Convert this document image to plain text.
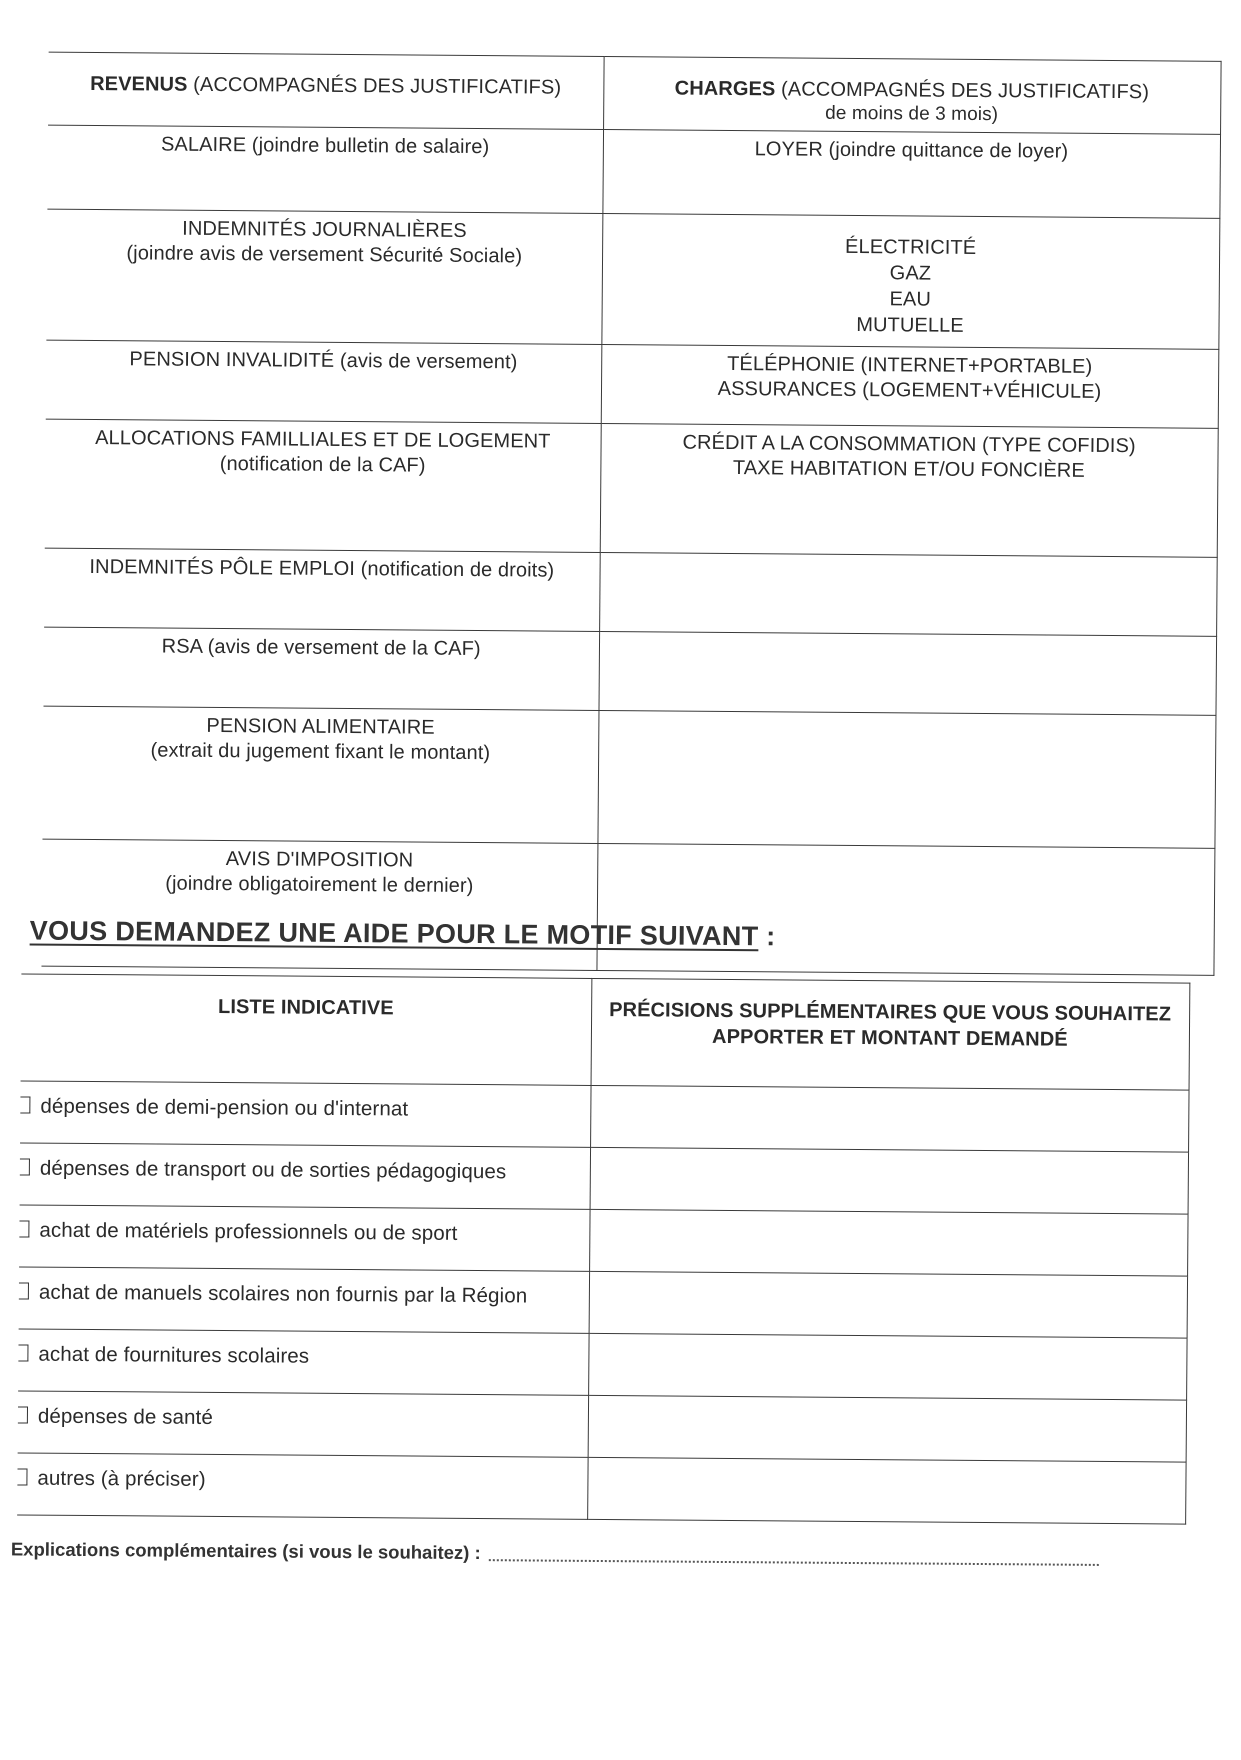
REVENUS (ACCOMPAGNÉS DES JUSTIFICATIFS)	CHARGES (ACCOMPAGNÉS DES JUSTIFICATIFS)
de moins de 3 mois)

SALAIRE (joindre bulletin de salaire)	LOYER (joindre quittance de loyer)

INDEMNITÉS JOURNALIÈRES
(joindre avis de versement Sécurité Sociale)	ÉLECTRICITÉ
GAZ
EAU
MUTUELLE

PENSION INVALIDITÉ (avis de versement)	TÉLÉPHONIE (INTERNET+PORTABLE)
ASSURANCES (LOGEMENT+VÉHICULE)

ALLOCATIONS FAMILLIALES ET DE LOGEMENT
(notification de la CAF)	CRÉDIT A LA CONSOMMATION (TYPE COFIDIS)
TAXE HABITATION ET/OU FONCIÈRE

INDEMNITÉS PÔLE EMPLOI (notification de droits)	

RSA (avis de versement de la CAF)	

PENSION ALIMENTAIRE
(extrait du jugement fixant le montant)	

AVIS D'IMPOSITION
(joindre obligatoirement le dernier)	

VOUS DEMANDEZ UNE AIDE POUR LE MOTIF SUIVANT :
LISTE INDICATIVE	PRÉCISIONS SUPPLÉMENTAIRES QUE VOUS SOUHAITEZ APPORTER ET MONTANT DEMANDÉ
dépenses de demi-pension ou d'internat	
dépenses de transport ou de sorties pédagogiques	
achat de matériels professionnels ou de sport	
achat de manuels scolaires non fournis par la Région	
achat de fournitures scolaires	
dépenses de santé	
autres (à préciser)	
Explications complémentaires (si vous le souhaitez) :
